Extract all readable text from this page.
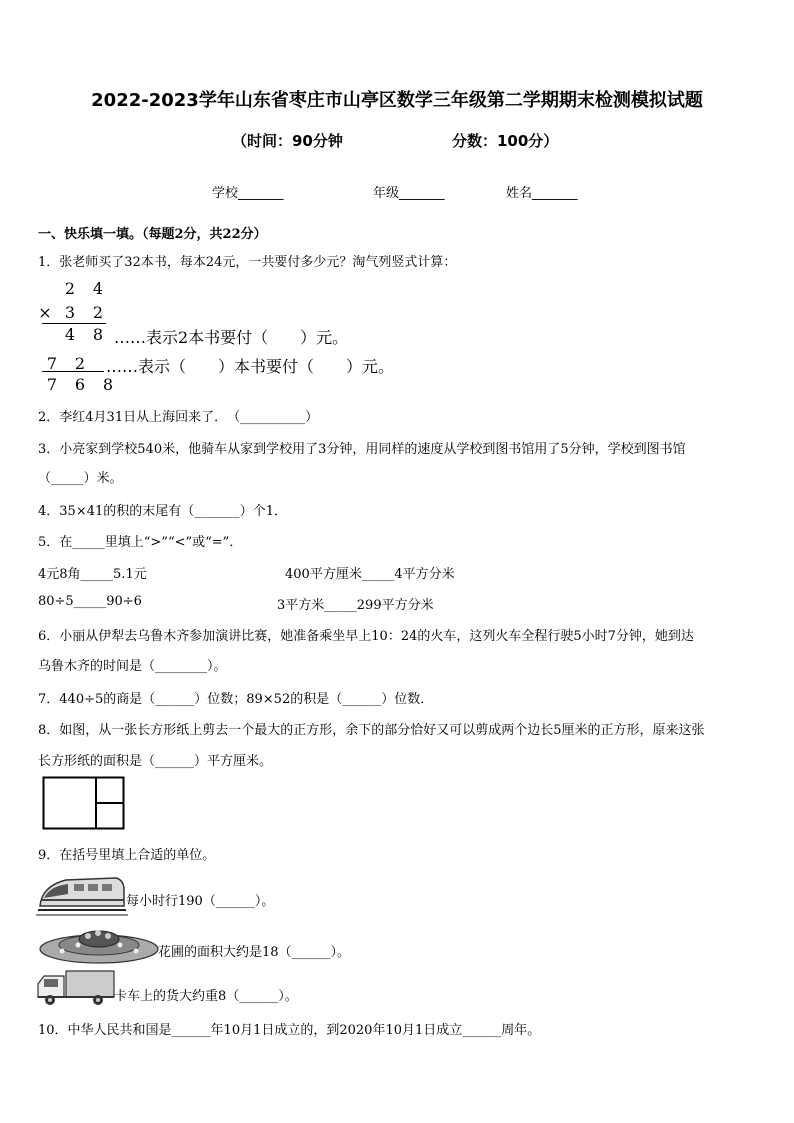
2022-2023学年山东省枣庄市山亭区数学三年级第二学期期末检测模拟试题
（时间：90分钟	分数：100分）
学校_______	年级_______	姓名_______
一、快乐填一填。（每题2分，共22分）
1．张老师买了32本书，每本24元，一共要付多少元？淘气列竖式计算：
2 4
× 3 2
4 8 ……表示2本书要付（　　）元。
7 2	……表示（　　）本书要付（　　）元。
7 6 8
2．李红4月31日从上海回来了．　（__________）
3．小亮家到学校540米，他骑车从家到学校用了3分钟，用同样的速度从学校到图书馆用了5分钟，学校到图书馆
（_____）米。
4．35×41的积的末尾有（_______）个1．
5．在_____里填上“>”“<”或“=”．
4元8角_____5.1元	400平方厘米_____4平方分米
80÷5_____90÷6	3平方米_____299平方分米
6．小丽从伊犁去乌鲁木齐参加演讲比赛，她准备乘坐早上10：24的火车，这列火车全程行驶5小时7分钟，她到达
乌鲁木齐的时间是（________）。
7．440÷5的商是（______）位数；89×52的积是（______）位数．
8．如图，从一张长方形纸上剪去一个最大的正方形，余下的部分恰好又可以剪成两个边长5厘米的正方形，原来这张
长方形纸的面积是（______）平方厘米。
9．在括号里填上合适的单位。
每小时行190（______）。
花圃的面积大约是18（______）。
卡车上的货大约重8（______）。
10．中华人民共和国是______年10月1日成立的，到2020年10月1日成立______周年。
